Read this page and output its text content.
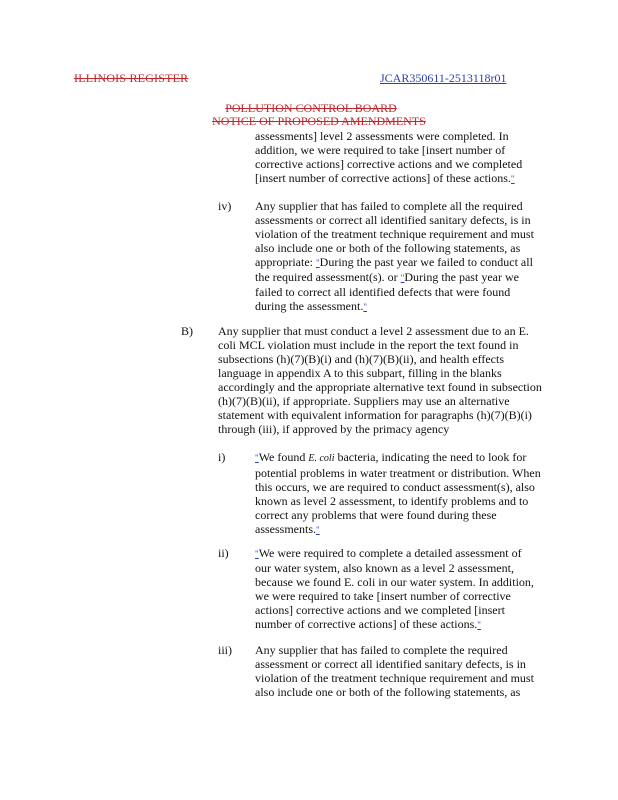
ILLINOIS REGISTER	JCAR350611-2513118r01
POLLUTION CONTROL BOARD
NOTICE OF PROPOSED AMENDMENTS
assessments] level 2 assessments were completed. In
addition, we were required to take [insert number of
corrective actions] corrective actions and we completed
[insert number of corrective actions] of these actions."
iv) Any supplier that has failed to complete all the required
assessments or correct all identified sanitary defects, is in
violation of the treatment technique requirement and must
also include one or both of the following statements, as
appropriate: "During the past year we failed to conduct all
the required assessment(s). or "During the past year we
failed to correct all identified defects that were found
during the assessment."
B) Any supplier that must conduct a level 2 assessment due to an E.
coli MCL violation must include in the report the text found in
subsections (h)(7)(B)(i) and (h)(7)(B)(ii), and health effects
language in appendix A to this subpart, filling in the blanks
accordingly and the appropriate alternative text found in subsection
(h)(7)(B)(ii), if appropriate. Suppliers may use an alternative
statement with equivalent information for paragraphs (h)(7)(B)(i)
through (iii), if approved by the primacy agency
i)	"We found E. coli bacteria, indicating the need to look for
potential problems in water treatment or distribution. When
this occurs, we are required to conduct assessment(s), also
known as level 2 assessment, to identify problems and to
correct any problems that were found during these
assessments."
ii)	"We were required to complete a detailed assessment of
our water system, also known as a level 2 assessment,
because we found E. coli in our water system. In addition,
we were required to take [insert number of corrective
actions] corrective actions and we completed [insert
number of corrective actions] of these actions."
iii) Any supplier that has failed to complete the required
assessment or correct all identified sanitary defects, is in
violation of the treatment technique requirement and must
also include one or both of the following statements, as
